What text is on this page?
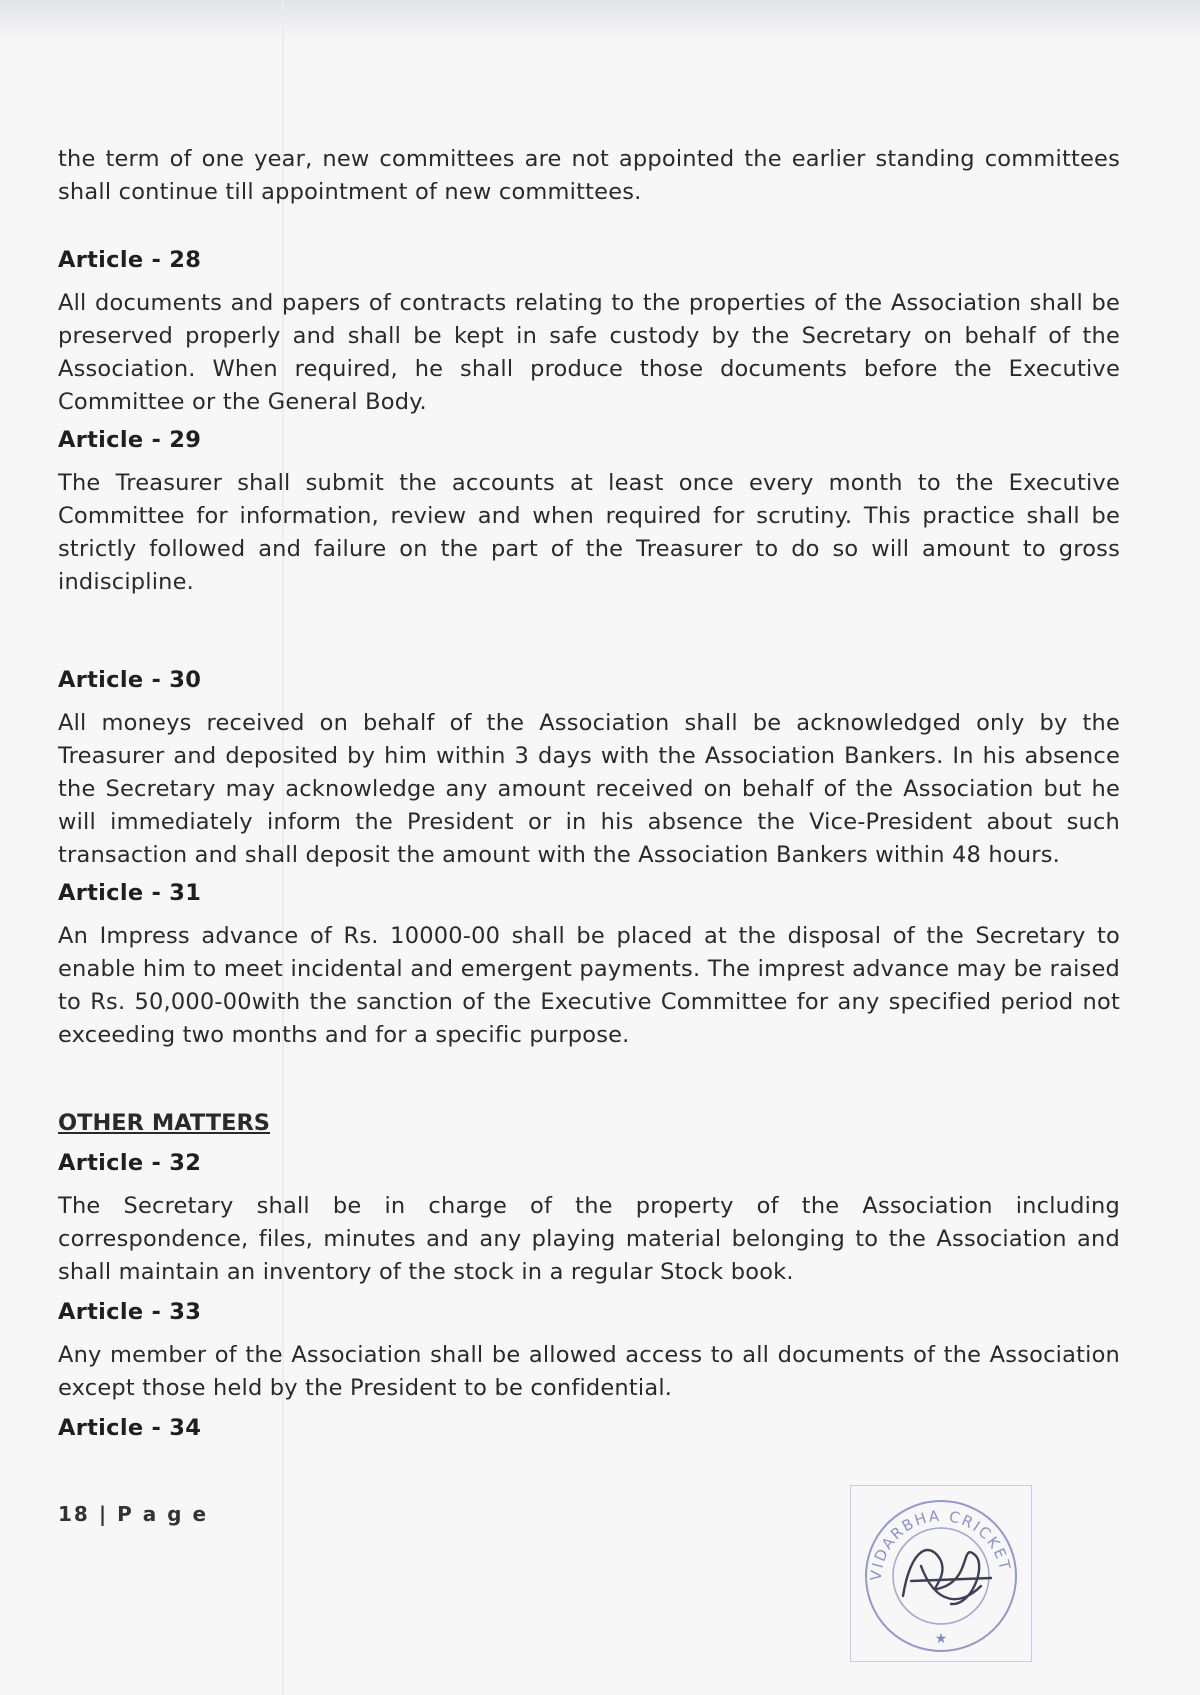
the term of one year, new committees are not appointed the earlier standing committees shall continue till appointment of new committees.

Article - 28

All documents and papers of contracts relating to the properties of the Association shall be preserved properly and shall be kept in safe custody by the Secretary on behalf of the Association. When required, he shall produce those documents before the Executive Committee or the General Body.

Article - 29

The Treasurer shall submit the accounts at least once every month to the Executive Committee for information, review and when required for scrutiny. This practice shall be strictly followed and failure on the part of the Treasurer to do so will amount to gross indiscipline.

Article - 30

All moneys received on behalf of the Association shall be acknowledged only by the Treasurer and deposited by him within 3 days with the Association Bankers. In his absence the Secretary may acknowledge any amount received on behalf of the Association but he will immediately inform the President or in his absence the Vice-President about such transaction and shall deposit the amount with the Association Bankers within 48 hours.

Article - 31

An Impress advance of Rs. 10000-00 shall be placed at the disposal of the Secretary to enable him to meet incidental and emergent payments. The imprest advance may be raised to Rs. 50,000-00with the sanction of the Executive Committee for any specified period not exceeding two months and for a specific purpose.

OTHER MATTERS
Article - 32

The Secretary shall be in charge of the property of the Association including correspondence, files, minutes and any playing material belonging to the Association and shall maintain an inventory of the stock in a regular Stock book.

Article - 33

Any member of the Association shall be allowed access to all documents of the Association except those held by the President to be confidential.

Article - 34
18 | P a g e
VIDARBHA CRICKET
★
